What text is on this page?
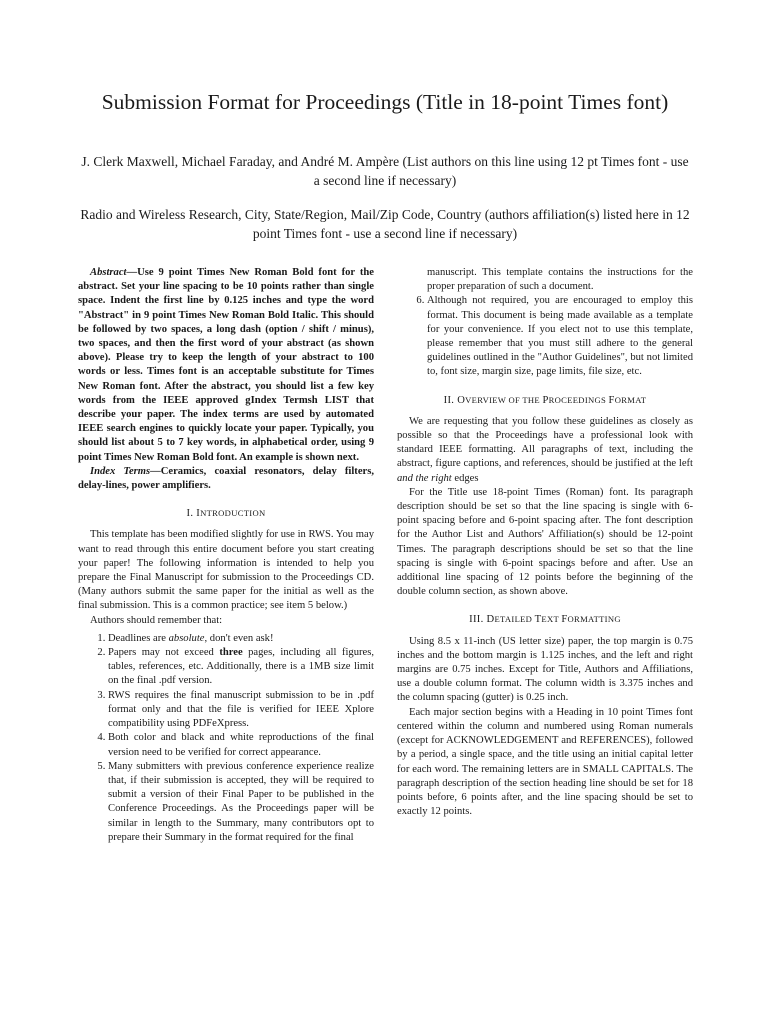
Submission Format for Proceedings (Title in 18-point Times font)

J. Clerk Maxwell, Michael Faraday, and André M. Ampère (List authors on this line using 12 pt Times font - use a second line if necessary)

Radio and Wireless Research, City, State/Region, Mail/Zip Code, Country (authors affiliation(s) listed here in 12 point Times font - use a second line if necessary)

Abstract—Use 9 point Times New Roman Bold font for the abstract. Set your line spacing to be 10 points rather than single space. Indent the first line by 0.125 inches and type the word "Abstract" in 9 point Times New Roman Bold Italic. This should be followed by two spaces, a long dash (option / shift / minus), two spaces, and then the first word of your abstract (as shown above). Please try to keep the length of your abstract to 100 words or less. Times font is an acceptable substitute for Times New Roman font. After the abstract, you should list a few key words from the IEEE approved gIndex Termsh LIST that describe your paper. The index terms are used by automated IEEE search engines to quickly locate your paper. Typically, you should list about 5 to 7 key words, in alphabetical order, using 9 point Times New Roman Bold font. An example is shown next.

Index Terms—Ceramics, coaxial resonators, delay filters, delay-lines, power amplifiers.

I. INTRODUCTION

This template has been modified slightly for use in RWS. You may want to read through this entire document before you start creating your paper! The following information is intended to help you prepare the Final Manuscript for submission to the Proceedings CD. (Many authors submit the same paper for the initial as well as the final submission. This is a common practice; see item 5 below.)

Authors should remember that:

1. Deadlines are absolute, don't even ask!
2. Papers may not exceed three pages, including all figures, tables, references, etc. Additionally, there is a 1MB size limit on the final .pdf version.
3. RWS requires the final manuscript submission to be in .pdf format only and that the file is verified for IEEE Xplore compatibility using PDFeXpress.
4. Both color and black and white reproductions of the final version need to be verified for correct appearance.
5. Many submitters with previous conference experience realize that, if their submission is accepted, they will be required to submit a version of their Final Paper to be published in the Conference Proceedings. As the Proceedings paper will be similar in length to the Summary, many contributors opt to prepare their Summary in the format required for the final

manuscript. This template contains the instructions for the proper preparation of such a document.

6. Although not required, you are encouraged to employ this format. This document is being made available as a template for your convenience. If you elect not to use this template, please remember that you must still adhere to the general guidelines outlined in the "Author Guidelines", but not limited to, font size, margin size, page limits, file size, etc.
II. OVERVIEW OF THE PROCEEDINGS FORMAT

We are requesting that you follow these guidelines as closely as possible so that the Proceedings have a professional look with standard IEEE formatting. All paragraphs of text, including the abstract, figure captions, and references, should be justified at the left and the right edges

For the Title use 18-point Times (Roman) font. Its paragraph description should be set so that the line spacing is single with 6-point spacing before and 6-point spacing after. The font description for the Author List and Authors' Affiliation(s) should be 12-point Times. The paragraph descriptions should be set so that the line spacing is single with 6-point spacings before and after. Use an additional line spacing of 12 points before the beginning of the double column section, as shown above.

III. DETAILED TEXT FORMATTING

Using 8.5 x 11-inch (US letter size) paper, the top margin is 0.75 inches and the bottom margin is 1.125 inches, and the left and right margins are 0.75 inches. Except for Title, Authors and Affiliations, use a double column format. The column width is 3.375 inches and the column spacing (gutter) is 0.25 inch.

Each major section begins with a Heading in 10 point Times font centered within the column and numbered using Roman numerals (except for ACKNOWLEDGEMENT and REFERENCES), followed by a period, a single space, and the title using an initial capital letter for each word. The remaining letters are in SMALL CAPITALS. The paragraph description of the section heading line should be set for 18 points before, 6 points after, and the line spacing should be set to exactly 12 points.
